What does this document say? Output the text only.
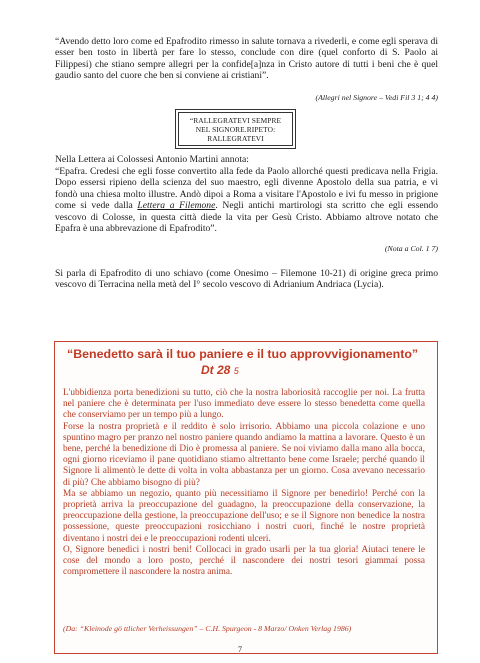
“Avendo detto loro come ed Epafrodito rimesso in salute tornava a rivederli, e come egli sperava di esser ben tosto in libertà per fare lo stesso, conclude con dire (quel conforto di S. Paolo ai Filippesi) che stiano sempre allegri per la confide[a]nza in Cristo autore di tutti i beni che è quel gaudio santo del cuore che ben si conviene ai cristiani”.

(Allegri nel Signore – Vedi Fil 3 1; 4 4)

“RALLEGRATEVI SEMPRE
NEL SIGNORE.RIPETO:
RALLEGRATEVI

Nella Lettera ai Colossesi Antonio Martini annota:

“Epafra. Credesi che egli fosse convertito alla fede da Paolo allorché questi predicava nella Frigia. Dopo essersi ripieno della scienza del suo maestro, egli divenne Apostolo della sua patria, e vi fondò una chiesa molto illustre. Andò dipoi a Roma a visitare l'Apostolo e ivi fu messo in prigione come si vede dalla Lettera a Filemone. Negli antichi martirologi sta scritto che egli essendo vescovo di Colosse, in questa città diede la vita per Gesù Cristo. Abbiamo altrove notato che Epafra è una abbrevazione di Epafrodito”.

(Nota a Col. 1 7)

Si parla di Epafrodito di uno schiavo (come Onesimo – Filemone 10-21) di origine greca primo vescovo di Terracina nella metà del I° secolo vescovo di Adrianium Andriaca (Lycia).

“Benedetto sarà il tuo paniere e il tuo approvvigionamento”

Dt 28 5

L'ubbidienza porta benedizioni su tutto, ciò che la nostra laboriosità raccoglie per noi. La frutta nel paniere che è determinata per l'uso immediato deve essere lo stesso benedetta come quella che conserviamo per un tempo più a lungo.
Forse la nostra proprietà e il reddito è solo irrisorio. Abbiamo una piccola colazione e uno spuntino magro per pranzo nel nostro paniere quando andiamo la mattina a lavorare. Questo è un bene, perché la benedizione di Dio è promessa al paniere. Se noi viviamo dalla mano alla bocca, ogni giorno riceviamo il pane quotidiano stiamo altrettanto bene come Israele; perché quando il Signore li alimentò le dette di volta in volta abbastanza per un giorno. Cosa avevano necessario di più? Che abbiamo bisogno di più?
Ma se abbiamo un negozio, quanto più necessitiamo il Signore per benedirlo! Perché con la proprietà arriva la preoccupazione del guadagno, la preoccupazione della conservazione, la preoccupazione della gestione, la preoccupazione dell'uso; e se il Signore non benedice la nostra possessione, queste preoccupazioni rosicchiano i nostri cuori, finché le nostre proprietà diventano i nostri dei e le preoccupazioni rodenti ulceri.
O, Signore benedici i nostri beni! Collocaci in grado usarli per la tua gloria! Aiutaci tenere le cose del mondo a loro posto, perché il nascondere dei nostri tesori giammai possa compromettere il nascondere la nostra anima.

(Da: “Kleinode gö ttlicher Verheissungen” – C.H. Spurgeon - 8 Marzo/ Onken Verlag 1986)

7
